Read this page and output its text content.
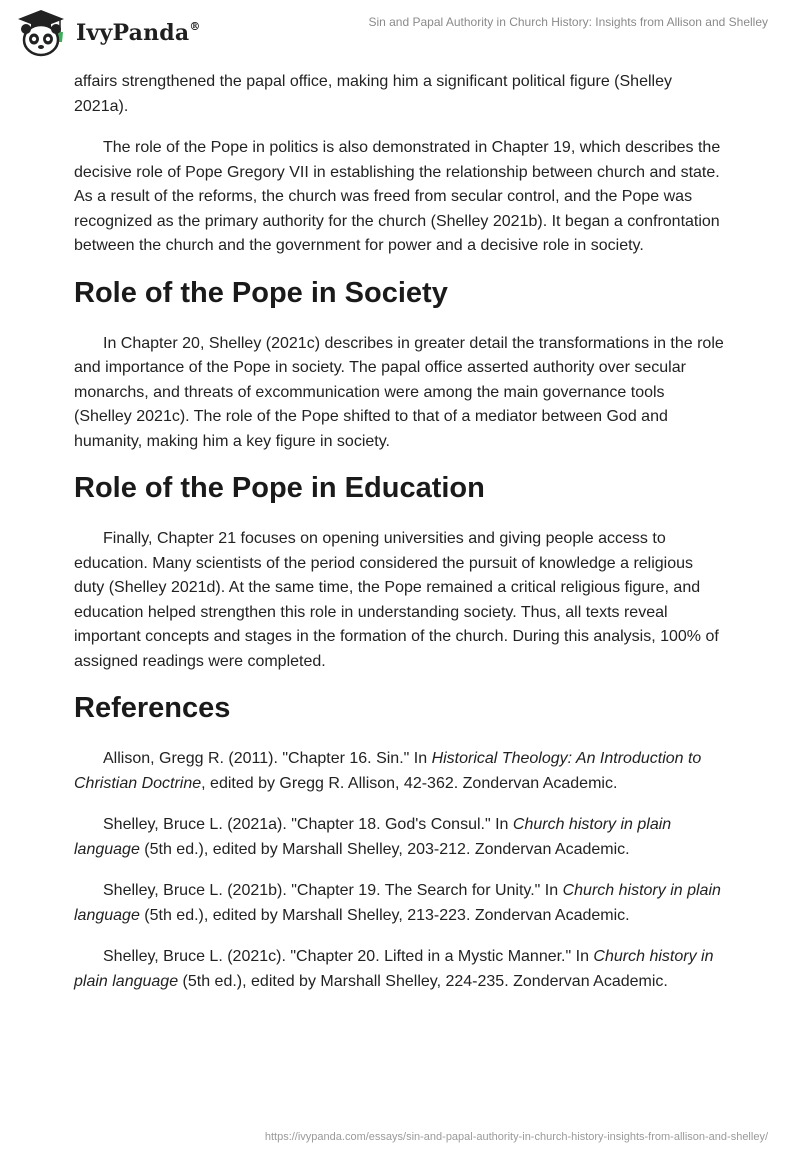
IvyPanda®	Sin and Papal Authority in Church History: Insights from Allison and Shelley

affairs strengthened the papal office, making him a significant political figure (Shelley 2021a).

The role of the Pope in politics is also demonstrated in Chapter 19, which describes the decisive role of Pope Gregory VII in establishing the relationship between church and state. As a result of the reforms, the church was freed from secular control, and the Pope was recognized as the primary authority for the church (Shelley 2021b). It began a confrontation between the church and the government for power and a decisive role in society.

Role of the Pope in Society

In Chapter 20, Shelley (2021c) describes in greater detail the transformations in the role and importance of the Pope in society. The papal office asserted authority over secular monarchs, and threats of excommunication were among the main governance tools (Shelley 2021c). The role of the Pope shifted to that of a mediator between God and humanity, making him a key figure in society.

Role of the Pope in Education

Finally, Chapter 21 focuses on opening universities and giving people access to education. Many scientists of the period considered the pursuit of knowledge a religious duty (Shelley 2021d). At the same time, the Pope remained a critical religious figure, and education helped strengthen this role in understanding society. Thus, all texts reveal important concepts and stages in the formation of the church. During this analysis, 100% of assigned readings were completed.

References

Allison, Gregg R. (2011). "Chapter 16. Sin." In Historical Theology: An Introduction to Christian Doctrine, edited by Gregg R. Allison, 42-362. Zondervan Academic.

Shelley, Bruce L. (2021a). "Chapter 18. God's Consul." In Church history in plain language (5th ed.), edited by Marshall Shelley, 203-212. Zondervan Academic.

Shelley, Bruce L. (2021b). "Chapter 19. The Search for Unity." In Church history in plain language (5th ed.), edited by Marshall Shelley, 213-223. Zondervan Academic.

Shelley, Bruce L. (2021c). "Chapter 20. Lifted in a Mystic Manner." In Church history in plain language (5th ed.), edited by Marshall Shelley, 224-235. Zondervan Academic.

https://ivypanda.com/essays/sin-and-papal-authority-in-church-history-insights-from-allison-and-shelley/
